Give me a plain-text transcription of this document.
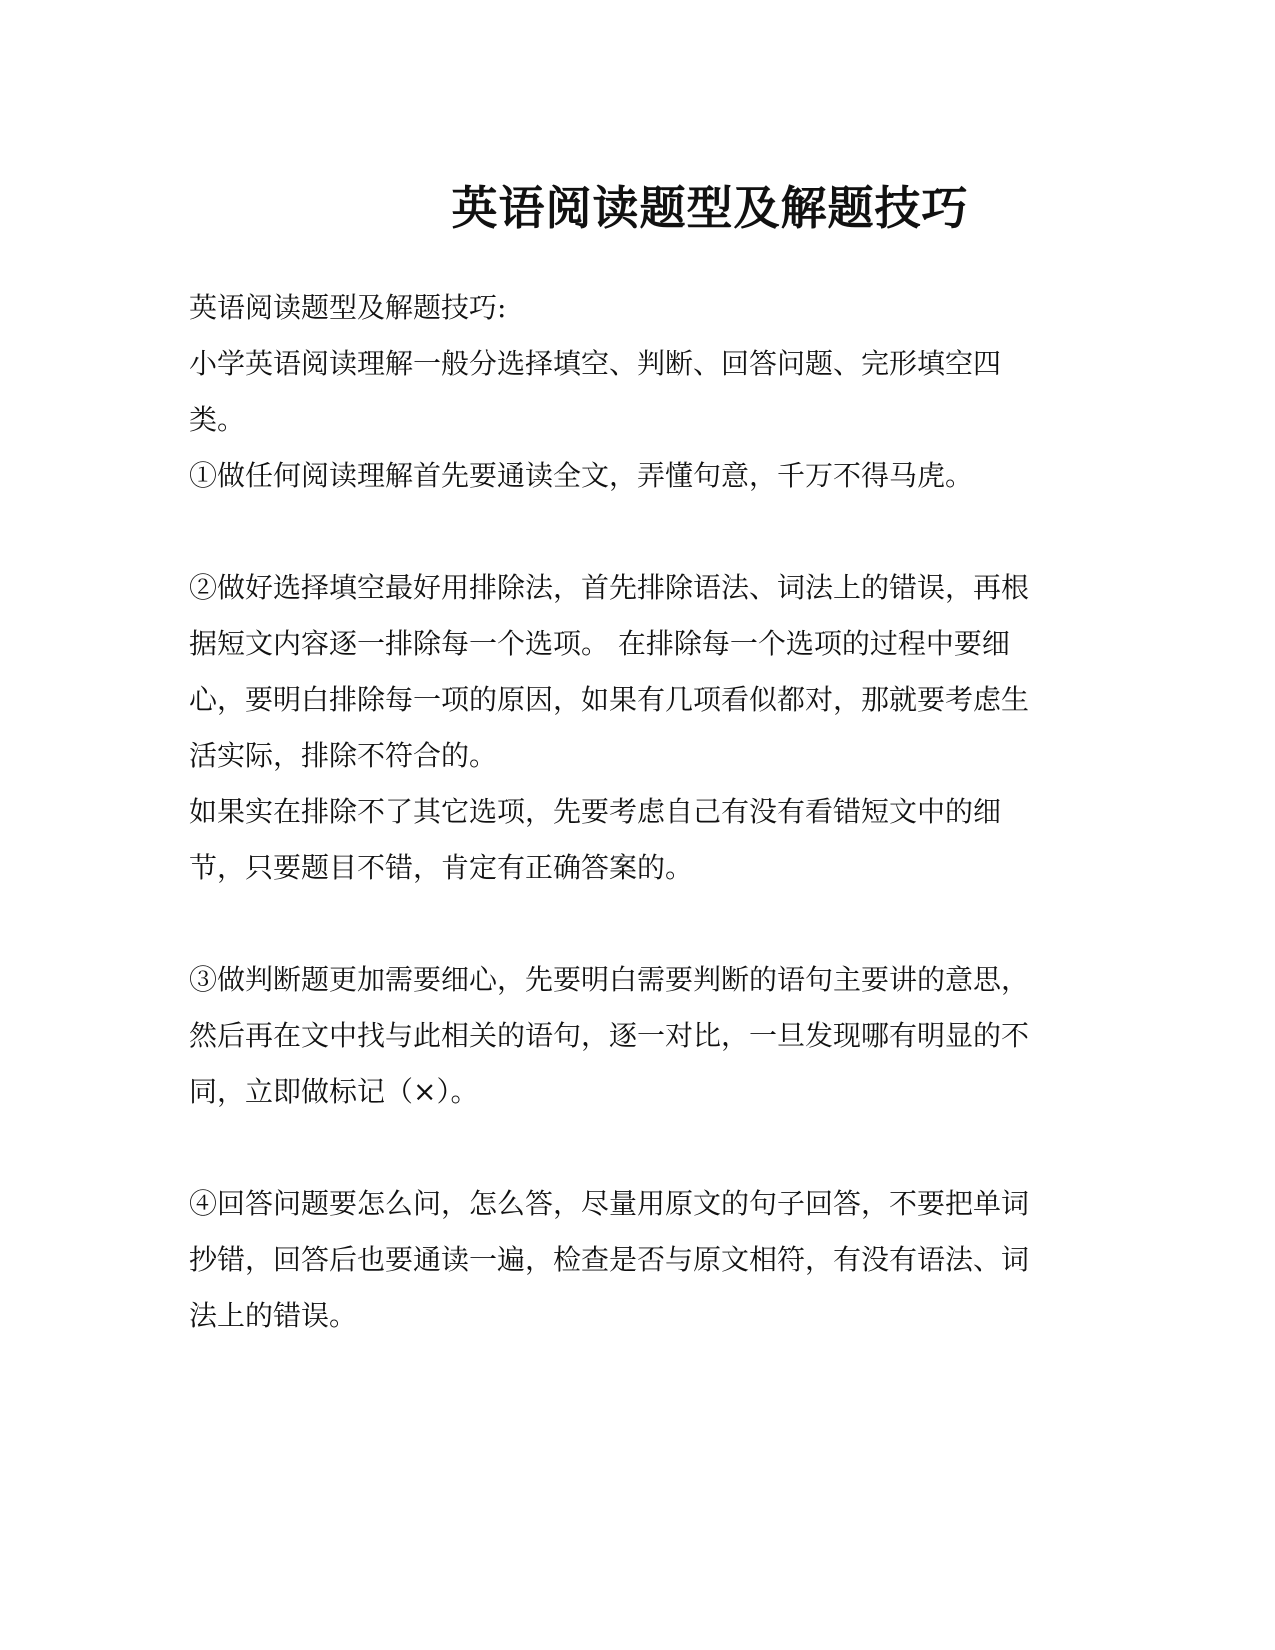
英语阅读题型及解题技巧
英语阅读题型及解题技巧:
小学英语阅读理解一般分选择填空、判断、回答问题、完形填空四
类。
①做任何阅读理解首先要通读全文，弄懂句意，千万不得马虎。
②做好选择填空最好用排除法，首先排除语法、词法上的错误，再根
据短文内容逐一排除每一个选项。 在排除每一个选项的过程中要细
心，要明白排除每一项的原因，如果有几项看似都对，那就要考虑生
活实际，排除不符合的。
如果实在排除不了其它选项，先要考虑自己有没有看错短文中的细
节，只要题目不错，肯定有正确答案的。
③做判断题更加需要细心，先要明白需要判断的语句主要讲的意思，
然后再在文中找与此相关的语句，逐一对比，一旦发现哪有明显的不
同，立即做标记（×）。
④回答问题要怎么问，怎么答，尽量用原文的句子回答，不要把单词
抄错，回答后也要通读一遍，检查是否与原文相符，有没有语法、词
法上的错误。
